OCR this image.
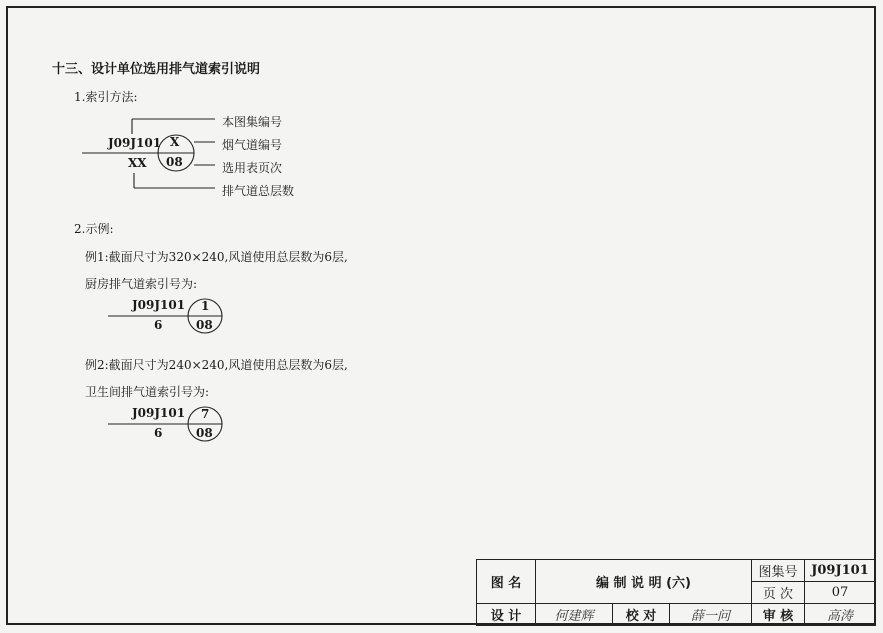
十三、设计单位选用排气道索引说明
1.索引方法:
J09J101 X
08
XX
本图集编号
烟气道编号
选用表页次
排气道总层数
2.示例:
例1:截面尺寸为320×240,风道使用总层数为6层,
厨房排气道索引号为:
J09J101
6
1
08
例2:截面尺寸为240×240,风道使用总层数为6层,
卫生间排气道索引号为:
J09J101
6
7
08
图 名	编 制 说 明 (六)			图集号	J09J101
				页 次	07
设 计	何建辉	校 对	薛一问	审 核	高涛
